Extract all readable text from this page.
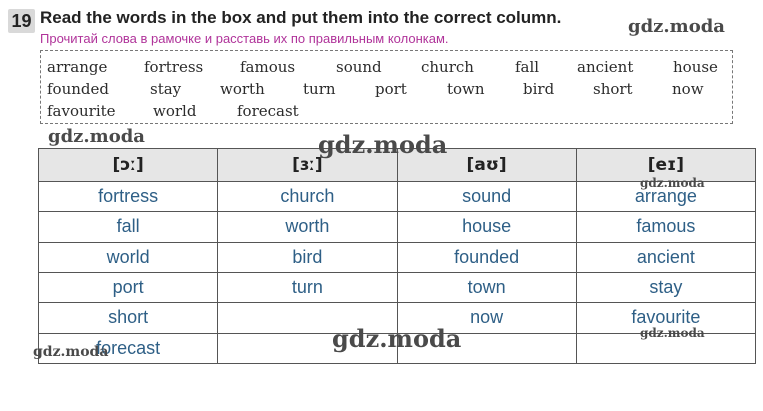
19 Read the words in the box and put them into the correct column.
Прочитай слова в рамочке и расставь их по правильным колонкам.
arrange fortress famous	sound	church	fall	ancient	house
founded	stay	worth	turn	port	town	bird	short	now
favourite world	forecast
[ɔː]	[ɜː]	[aʊ]	[eɪ]
fortress	church	sound	arrange
fall	worth	house	famous
world	bird	founded	ancient
port	turn	town	stay
short		now	favourite
forecast			
gdz.moda
gdz.moda	gdz.moda
gdz.moda
gdz.moda
gdz.moda
gdz.moda
